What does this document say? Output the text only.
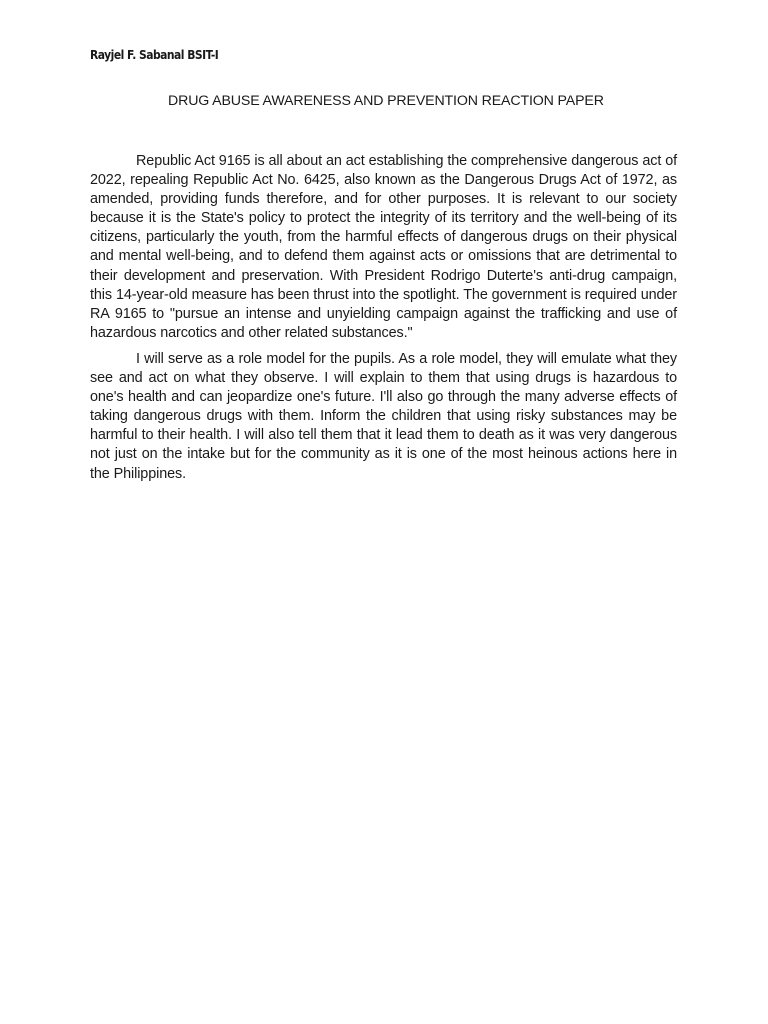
Rayjel F. Sabanal BSIT-I
DRUG ABUSE AWARENESS AND PREVENTION REACTION PAPER

Republic Act 9165 is all about an act establishing the comprehensive dangerous act of 2022, repealing Republic Act No. 6425, also known as the Dangerous Drugs Act of 1972, as amended, providing funds therefore, and for other purposes. It is relevant to our society because it is the State's policy to protect the integrity of its territory and the well-being of its citizens, particularly the youth, from the harmful effects of dangerous drugs on their physical and mental well-being, and to defend them against acts or omissions that are detrimental to their development and preservation. With President Rodrigo Duterte's anti-drug campaign, this 14-year-old measure has been thrust into the spotlight. The government is required under RA 9165 to "pursue an intense and unyielding campaign against the trafficking and use of hazardous narcotics and other related substances."

I will serve as a role model for the pupils. As a role model, they will emulate what they see and act on what they observe. I will explain to them that using drugs is hazardous to one's health and can jeopardize one's future. I'll also go through the many adverse effects of taking dangerous drugs with them. Inform the children that using risky substances may be harmful to their health. I will also tell them that it lead them to death as it was very dangerous not just on the intake but for the community as it is one of the most heinous actions here in the Philippines.
